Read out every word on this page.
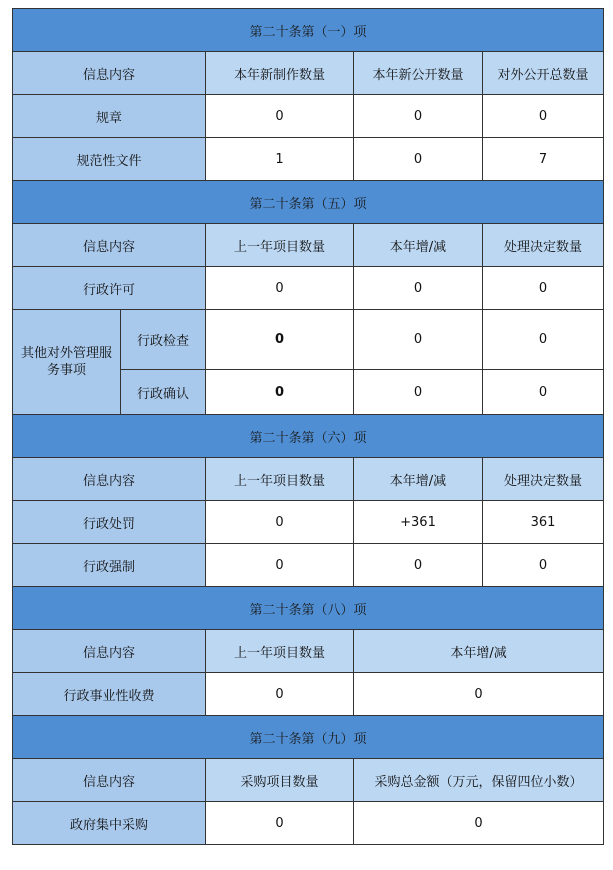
第二十条第（一）项				
信息内容		本年新制作数量	本年新公开数量	对外公开总数量
规章		0	0	0
规范性文件		1	0	7
第二十条第（五）项				
信息内容		上一年项目数量	本年增/减	处理决定数量
行政许可		0	0	0
其他对外管理服务事项	行政检查	0	0	0
	行政确认	0	0	0
第二十条第（六）项				
信息内容		上一年项目数量	本年增/减	处理决定数量
行政处罚		0	+361	361
行政强制		0	0	0
第二十条第（八）项				
信息内容		上一年项目数量	本年增/减	
行政事业性收费		0	0	
第二十条第（九）项				
信息内容		采购项目数量	采购总金额（万元，保留四位小数）	
政府集中采购		0	0	
